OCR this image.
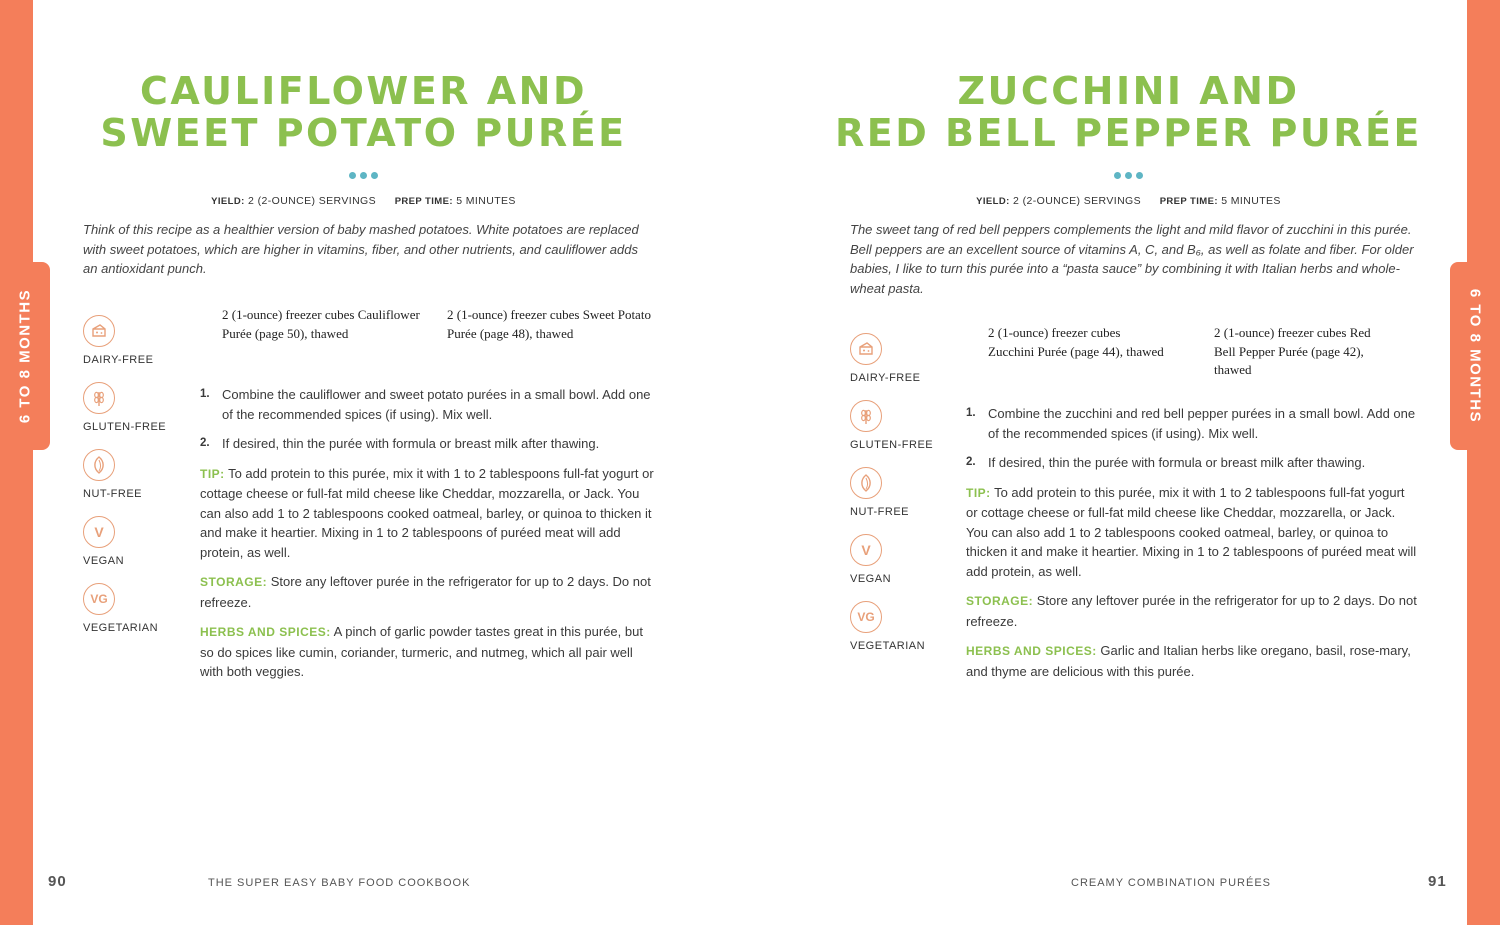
6 TO 8 MONTHS	6 TO 8 MONTHS
CAULIFLOWER AND
SWEET POTATO PURÉE
YIELD: 2 (2-OUNCE) SERVINGS PREP TIME: 5 MINUTES

Think of this recipe as a healthier version of baby mashed potatoes. White potatoes are replaced with sweet potatoes, which are higher in vitamins, fiber, and other nutrients, and cauliflower adds an antioxidant punch.

2 (1-ounce) freezer cubes Cauliflower Purée (page 50), thawed
2 (1-ounce) freezer cubes Sweet Potato Purée (page 48), thawed
DAIRY-FREE
GLUTEN-FREE
NUT-FREE
V
VEGAN
VG
VEGETARIAN
1. Combine the cauliflower and sweet potato purées in a small bowl. Add one of the recommended spices (if using). Mix well.
2. If desired, thin the purée with formula or breast milk after thawing.

TIP: To add protein to this purée, mix it with 1 to 2 tablespoons full-fat yogurt or cottage cheese or full-fat mild cheese like Cheddar, mozzarella, or Jack. You can also add 1 to 2 tablespoons cooked oatmeal, barley, or quinoa to thicken it and make it heartier. Mixing in 1 to 2 tablespoons of puréed meat will add protein, as well.

STORAGE: Store any leftover purée in the refrigerator for up to 2 days. Do not refreeze.

HERBS AND SPICES: A pinch of garlic powder tastes great in this purée, but so do spices like cumin, coriander, turmeric, and nutmeg, which all pair well with both veggies.

90	THE SUPER EASY BABY FOOD COOKBOOK
ZUCCHINI AND
RED BELL PEPPER PURÉE
YIELD: 2 (2-OUNCE) SERVINGS PREP TIME: 5 MINUTES

The sweet tang of red bell peppers complements the light and mild flavor of zucchini in this purée. Bell peppers are an excellent source of vitamins A, C, and B₆, as well as folate and fiber. For older babies, I like to turn this purée into a “pasta sauce” by combining it with Italian herbs and whole-wheat pasta.

2 (1-ounce) freezer cubes Zucchini Purée (page 44), thawed
2 (1-ounce) freezer cubes Red Bell Pepper Purée (page 42), thawed
DAIRY-FREE
GLUTEN-FREE
NUT-FREE
V
VEGAN
VG
VEGETARIAN
1. Combine the zucchini and red bell pepper purées in a small bowl. Add one of the recommended spices (if using). Mix well.
2. If desired, thin the purée with formula or breast milk after thawing.

TIP: To add protein to this purée, mix it with 1 to 2 tablespoons full-fat yogurt or cottage cheese or full-fat mild cheese like Cheddar, mozzarella, or Jack. You can also add 1 to 2 tablespoons cooked oatmeal, barley, or quinoa to thicken it and make it heartier. Mixing in 1 to 2 tablespoons of puréed meat will add protein, as well.

STORAGE: Store any leftover purée in the refrigerator for up to 2 days. Do not refreeze.

HERBS AND SPICES: Garlic and Italian herbs like oregano, basil, rose-mary, and thyme are delicious with this purée.

CREAMY COMBINATION PURÉES	91
